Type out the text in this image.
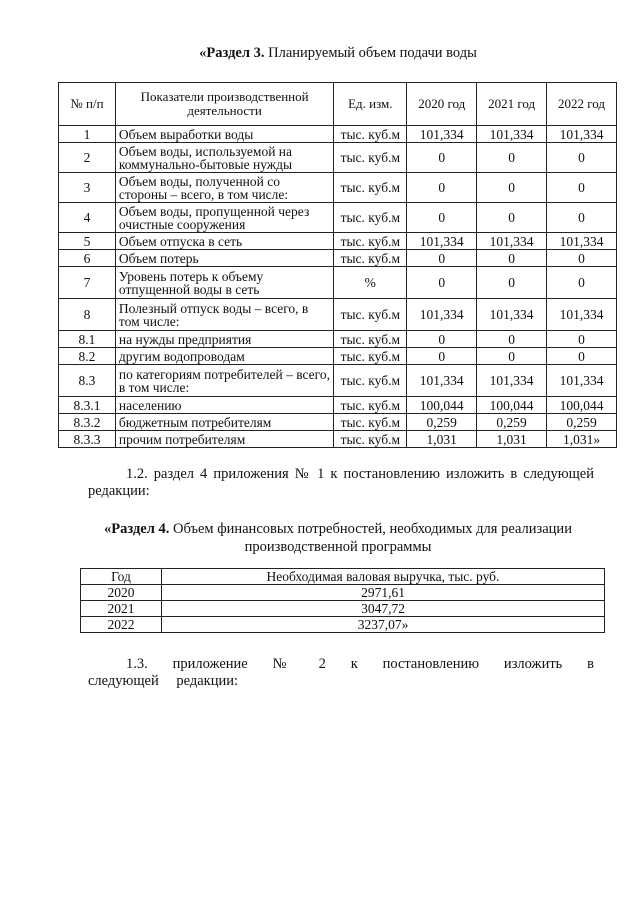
«Раздел 3. Планируемый объем подачи воды
№ п/п	Показатели производственной деятельности	Ед. изм.	2020 год	2021 год	2022 год
1	Объем выработки воды	тыс. куб.м	101,334	101,334	101,334
2	Объем воды, используемой на коммунально-бытовые нужды	тыс. куб.м	0	0	0
3	Объем воды, полученной со стороны – всего, в том числе:	тыс. куб.м	0	0	0
4	Объем воды, пропущенной через очистные сооружения	тыс. куб.м	0	0	0
5	Объем отпуска в сеть	тыс. куб.м	101,334	101,334	101,334
6	Объем потерь	тыс. куб.м	0	0	0
7	Уровень потерь к объему отпущенной воды в сеть	%	0	0	0
8	Полезный отпуск воды – всего, в том числе:	тыс. куб.м	101,334	101,334	101,334
8.1	на нужды предприятия	тыс. куб.м	0	0	0
8.2	другим водопроводам	тыс. куб.м	0	0	0
8.3	по категориям потребителей – всего, в том числе:	тыс. куб.м	101,334	101,334	101,334
8.3.1	населению	тыс. куб.м	100,044	100,044	100,044
8.3.2	бюджетным потребителям	тыс. куб.м	0,259	0,259	0,259
8.3.3	прочим потребителям	тыс. куб.м	1,031	1,031	1,031»
1.2. раздел 4 приложения № 1 к постановлению изложить в следующей редакции:
«Раздел 4. Объем финансовых потребностей, необходимых для реализации производственной программы
Год	Необходимая валовая выручка, тыс. руб.
2020	2971,61
2021	3047,72
2022	3237,07»
1.3. приложение № 2 к постановлению изложить в следующей редакции:
